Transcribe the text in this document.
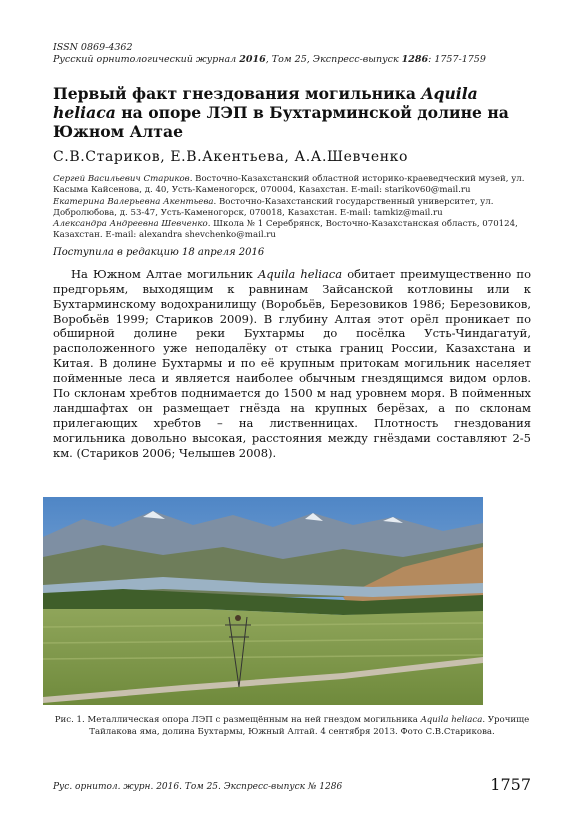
ISSN 0869-4362
Русский орнитологический журнал 2016, Том 25, Экспресс-выпуск 1286: 1757-1759
Первый факт гнездования могильника Aquila heliaca на опоре ЛЭП в Бухтарминской долине на Южном Алтае
С.В.Стариков, Е.В.Акентьева, А.А.Шевченко
Сергей Васильевич Стариков. Восточно-Казахстанский областной историко-краеведческий музей, ул. Касыма Кайсенова, д. 40, Усть-Каменогорск, 070004, Казахстан. E-mail: starikov60@mail.ru
Екатерина Валерьевна Акентьева. Восточно-Казахстанский государственный университет, ул. Добролюбова, д. 53-47, Усть-Каменогорск, 070018, Казахстан. E-mail: tamkiz@mail.ru
Александра Андреевна Шевченко. Школа № 1 Серебрянск, Восточно-Казахстанская область, 070124, Казахстан. E-mail: alexandra shevchenko@mail.ru
Поступила в редакцию 18 апреля 2016
На Южном Алтае могильник Aquila heliaca обитает преимущественно по предгорьям, выходящим к равнинам Зайсанской котловины или к Бухтарминскому водохранилищу (Воробьёв, Березовиков 1986; Березовиков, Воробьёв 1999; Стариков 2009). В глубину Алтая этот орёл проникает по обширной долине реки Бухтармы до посёлка Усть-Чиндагатуй, расположенного уже неподалёку от стыка границ России, Казахстана и Китая. В долине Бухтармы и по её крупным притокам могильник населяет пойменные леса и является наиболее обычным гнездящимся видом орлов. По склонам хребтов поднимается до 1500 м над уровнем моря. В пойменных ландшафтах он размещает гнёзда на крупных берёзах, а по склонам прилегающих хребтов – на лиственницах. Плотность гнездования могильника довольно высокая, расстояния между гнёздами составляют 2-5 км. (Стариков 2006; Челышев 2008).
Рис. 1. Металлическая опора ЛЭП с размещённым на ней гнездом могильника Aquila heliaca. Урочище Тайлакова яма, долина Бухтармы, Южный Алтай. 4 сентября 2013. Фото С.В.Старикова.
Рус. орнитол. журн. 2016. Том 25. Экспресс-выпуск № 1286	1757
